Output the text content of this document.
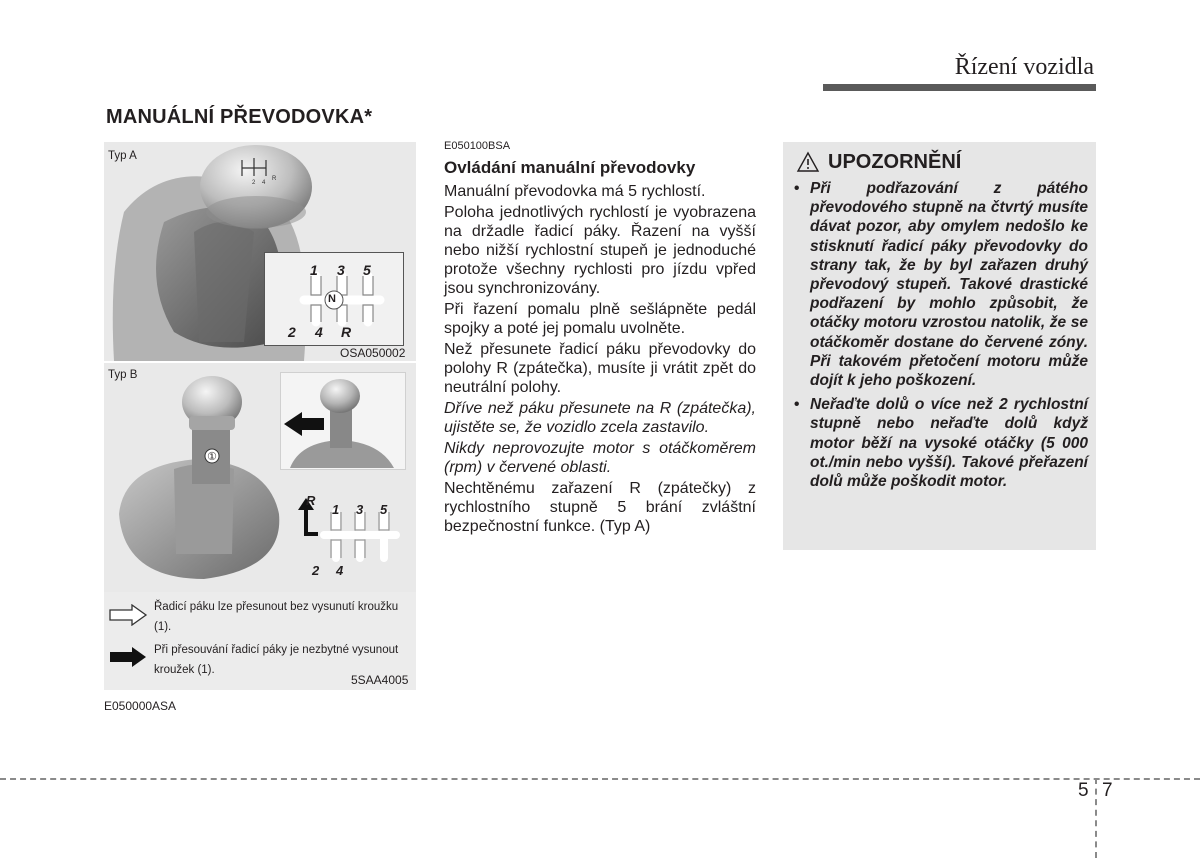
Řízení vozidla
MANUÁLNÍ PŘEVODOVKA*
Typ A
2 4
R
N
1 3 5
2 4 R
OSA050002
Typ B
①
R
1 3 5
2 4
Řadicí páku lze přesunout bez vysunutí kroužku (1).
Při přesouvání řadicí páky je nezbytné vysunout kroužek (1).
5SAA4005
E050000ASA
E050100BSA
Ovládání manuální převodovky

Manuální převodovka má 5 rychlostí.

Poloha jednotlivých rychlostí je vyobrazena na držadle řadicí páky. Řazení na vyšší nebo nižší rychlostní stupeň je jednoduché protože všechny rychlosti pro jízdu vpřed jsou synchronizovány.

Při řazení pomalu plně sešlápněte pedál spojky a poté jej pomalu uvolněte.

Než přesunete řadicí páku převodovky do polohy R (zpátečka), musíte ji vrátit zpět do neutrální polohy.

Dříve než páku přesunete na R (zpátečka), ujistěte se, že vozidlo zcela zastavilo.

Nikdy neprovozujte motor s otáčkoměrem (rpm) v červené oblasti.

Nechtěnému zařazení R (zpátečky) z rychlostního stupně 5 brání zvláštní bezpečnostní funkce. (Typ A)

UPOZORNĚNÍ
• Při podřazování z pátého převodového stupně na čtvrtý musíte dávat pozor, aby omylem nedošlo ke stisknutí řadicí páky převodovky do strany tak, že by byl zařazen druhý převodový stupeň. Takové drastické podřazení by mohlo způsobit, že otáčky motoru vzrostou natolik, že se otáčkoměr dostane do červené zóny. Při takovém přetočení motoru může dojít k jeho poškození.
• Neřaďte dolů o více než 2 rychlostní stupně nebo neřaďte dolů když motor běží na vysoké otáčky (5 000 ot./min nebo vyšší). Takové přeřazení dolů může poškodit motor.
5 7
